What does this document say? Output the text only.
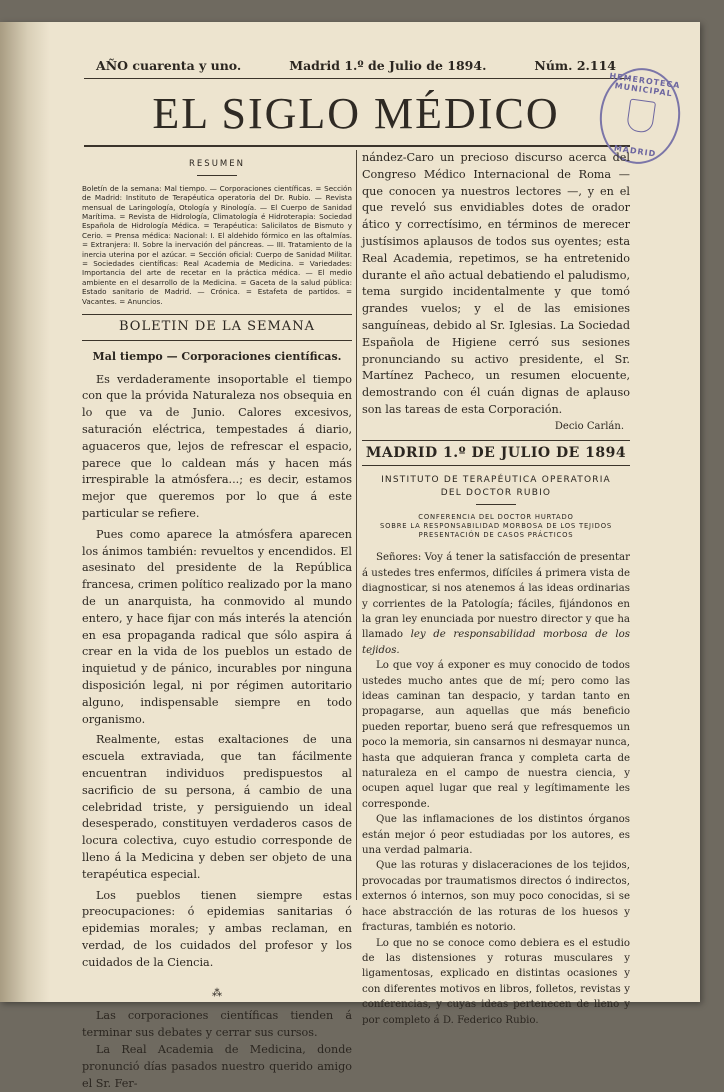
AÑO cuarenta y uno.	Madrid 1.º de Julio de 1894.	Núm. 2.114
EL SIGLO MÉDICO
HEMEROTECA MUNICIPAL
MADRID
RESUMEN
Boletín de la semana: Mal tiempo. — Corporaciones científicas. = Sección de Madrid: Instituto de Terapéutica operatoria del Dr. Rubio. — Revista mensual de Laringología, Otología y Rinología. — El Cuerpo de Sanidad Marítima. = Revista de Hidrología, Climatología é Hidroterapia: Sociedad Española de Hidrología Médica. = Terapéutica: Salicilatos de Bismuto y Cerio. = Prensa médica: Nacional: I. El aldehido fórmico en las oftalmías. = Extranjera: II. Sobre la inervación del páncreas. — III. Tratamiento de la inercia uterina por el azúcar. = Sección oficial: Cuerpo de Sanidad Militar. = Sociedades científicas: Real Academia de Medicina. = Variedades: Importancia del arte de recetar en la práctica médica. — El medio ambiente en el desarrollo de la Medicina. = Gaceta de la salud pública: Estado sanitario de Madrid. — Crónica. = Estafeta de partidos. = Vacantes. = Anuncios.
BOLETIN DE LA SEMANA
Mal tiempo — Corporaciones científicas.

Es verdaderamente insoportable el tiempo con que la próvida Naturaleza nos obsequia en lo que va de Junio. Calores excesivos, saturación eléctrica, tempestades á diario, aguaceros que, lejos de refrescar el espacio, parece que lo caldean más y hacen más irrespirable la atmósfera...; es decir, estamos mejor que queremos por lo que á este particular se refiere.

Pues como aparece la atmósfera aparecen los ánimos también: revueltos y encendidos. El asesinato del presidente de la República francesa, crimen político realizado por la mano de un anarquista, ha conmovido al mundo entero, y hace fijar con más interés la atención en esa propaganda radical que sólo aspira á crear en la vida de los pueblos un estado de inquietud y de pánico, incurables por ninguna disposición legal, ni por régimen autoritario alguno, indispensable siempre en todo organismo.

Realmente, estas exaltaciones de una escuela extraviada, que tan fácilmente encuentran individuos predispuestos al sacrificio de su persona, á cambio de una celebridad triste, y persiguiendo un ideal desesperado, constituyen verdaderos casos de locura colectiva, cuyo estudio corresponde de lleno á la Medicina y deben ser objeto de una terapéutica especial.

Los pueblos tienen siempre estas preocupaciones: ó epidemias sanitarias ó epidemias morales; y ambas reclaman, en verdad, de los cuidados del profesor y los cuidados de la Ciencia.

⁂

Las corporaciones científicas tienden á terminar sus debates y cerrar sus cursos.

La Real Academia de Medicina, donde pronunció días pasados nuestro querido amigo el Sr. Fer-

nández-Caro un precioso discurso acerca del Congreso Médico Internacional de Roma — que conocen ya nuestros lectores —, y en el que reveló sus envidiables dotes de orador ático y correctísimo, en términos de merecer justísimos aplausos de todos sus oyentes; esta Real Academia, repetimos, se ha entretenido durante el año actual debatiendo el paludismo, tema surgido incidentalmente y que tomó grandes vuelos; y el de las emisiones sanguíneas, debido al Sr. Iglesias. La Sociedad Española de Higiene cerró sus sesiones pronunciando su activo presidente, el Sr. Martínez Pacheco, un resumen elocuente, demostrando con él cuán dignas de aplauso son las tareas de esta Corporación.

Decio Carlán.
MADRID 1.º DE JULIO DE 1894
INSTITUTO DE TERAPÉUTICA OPERATORIA
DEL DOCTOR RUBIO
CONFERENCIA DEL DOCTOR HURTADO
SOBRE LA RESPONSABILIDAD MORBOSA DE LOS TEJIDOS
PRESENTACIÓN DE CASOS PRÁCTICOS

Señores: Voy á tener la satisfacción de presentar á ustedes tres enfermos, difíciles á primera vista de diagnosticar, si nos atenemos á las ideas ordinarias y corrientes de la Patología; fáciles, fijándonos en la gran ley enunciada por nuestro director y que ha llamado ley de responsabilidad morbosa de los tejidos.

Lo que voy á exponer es muy conocido de todos ustedes mucho antes que de mí; pero como las ideas caminan tan despacio, y tardan tanto en propagarse, aun aquellas que más beneficio pueden reportar, bueno será que refresquemos un poco la memoria, sin cansarnos ni desmayar nunca, hasta que adquieran franca y completa carta de naturaleza en el campo de nuestra ciencia, y ocupen aquel lugar que real y legítimamente les corresponde.

Que las inflamaciones de los distintos órganos están mejor ó peor estudiadas por los autores, es una verdad palmaria.

Que las roturas y dislaceraciones de los tejidos, provocadas por traumatismos directos ó indirectos, externos ó internos, son muy poco conocidas, si se hace abstracción de las roturas de los huesos y fracturas, también es notorio.

Lo que no se conoce como debiera es el estudio de las distensiones y roturas musculares y ligamentosas, explicado en distintas ocasiones y con diferentes motivos en libros, folletos, revistas y conferencias, y cuyas ideas pertenecen de lleno y por completo á D. Federico Rubio.
